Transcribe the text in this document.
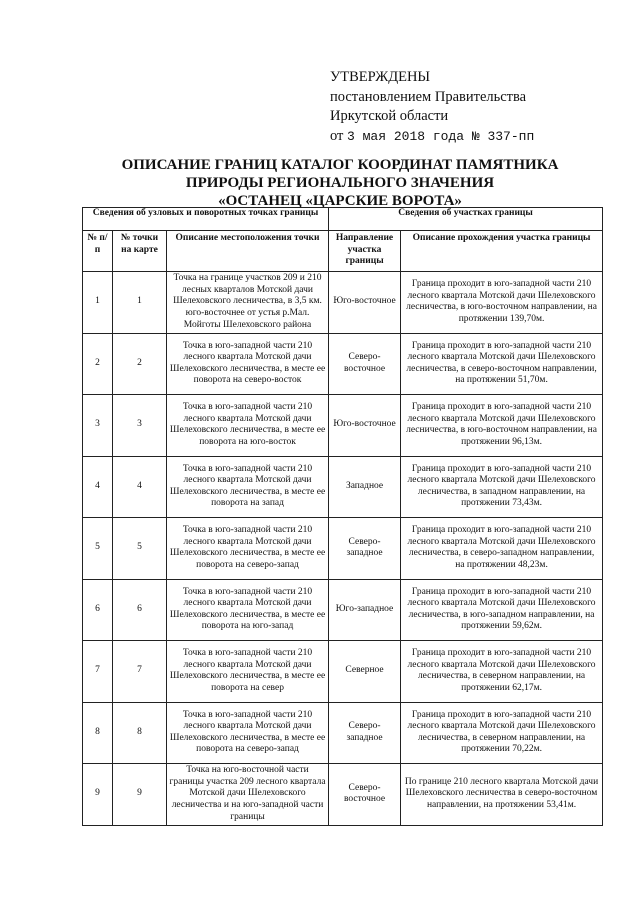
УТВЕРЖДЕНЫ
постановлением Правительства
Иркутской области
от 3 мая 2018 года № 337-пп
ОПИСАНИЕ ГРАНИЦ КАТАЛОГ КООРДИНАТ ПАМЯТНИКА
ПРИРОДЫ РЕГИОНАЛЬНОГО ЗНАЧЕНИЯ
«ОСТАНЕЦ «ЦАРСКИЕ ВОРОТА»
Сведения об узловых и поворотных точках границы			Сведения об участках границы	
№ п/п	№ точки на карте	Описание местоположения точки	Направление участка границы	Описание прохождения участка границы
1	1	Точка на границе участков 209 и 210 лесных кварталов Мотской дачи Шелеховского лесничества, в 3,5 км. юго-восточнее от устья р.Мал. Мойготы Шелеховского района	Юго-восточное	Граница проходит в юго-западной части 210 лесного квартала Мотской дачи Шелеховского лесничества, в юго-восточном направлении, на протяжении 139,70м.
2	2	Точка в юго-западной части 210 лесного квартала Мотской дачи Шелеховского лесничества, в месте ее поворота на северо-восток	Северо-восточное	Граница проходит в юго-западной части 210 лесного квартала Мотской дачи Шелеховского лесничества, в северо-восточном направлении, на протяжении 51,70м.
3	3	Точка в юго-западной части 210 лесного квартала Мотской дачи Шелеховского лесничества, в месте ее поворота на юго-восток	Юго-восточное	Граница проходит в юго-западной части 210 лесного квартала Мотской дачи Шелеховского лесничества, в юго-восточном направлении, на протяжении 96,13м.
4	4	Точка в юго-западной части 210 лесного квартала Мотской дачи Шелеховского лесничества, в месте ее поворота на запад	Западное	Граница проходит в юго-западной части 210 лесного квартала Мотской дачи Шелеховского лесничества, в западном направлении, на протяжении 73,43м.
5	5	Точка в юго-западной части 210 лесного квартала Мотской дачи Шелеховского лесничества, в месте ее поворота на северо-запад	Северо-западное	Граница проходит в юго-западной части 210 лесного квартала Мотской дачи Шелеховского лесничества, в северо-западном направлении, на протяжении 48,23м.
6	6	Точка в юго-западной части 210 лесного квартала Мотской дачи Шелеховского лесничества, в месте ее поворота на юго-запад	Юго-западное	Граница проходит в юго-западной части 210 лесного квартала Мотской дачи Шелеховского лесничества, в юго-западном направлении, на протяжении 59,62м.
7	7	Точка в юго-западной части 210 лесного квартала Мотской дачи Шелеховского лесничества, в месте ее поворота на север	Северное	Граница проходит в юго-западной части 210 лесного квартала Мотской дачи Шелеховского лесничества, в северном направлении, на протяжении 62,17м.
8	8	Точка в юго-западной части 210 лесного квартала Мотской дачи Шелеховского лесничества, в месте ее поворота на северо-запад	Северо-западное	Граница проходит в юго-западной части 210 лесного квартала Мотской дачи Шелеховского лесничества, в северном направлении, на протяжении 70,22м.
9	9	Точка на юго-восточной части границы участка 209 лесного квартала Мотской дачи Шелеховского лесничества и на юго-западной части границы	Северо-восточное	По границе 210 лесного квартала Мотской дачи Шелеховского лесничества в северо-восточном направлении, на протяжении 53,41м.
